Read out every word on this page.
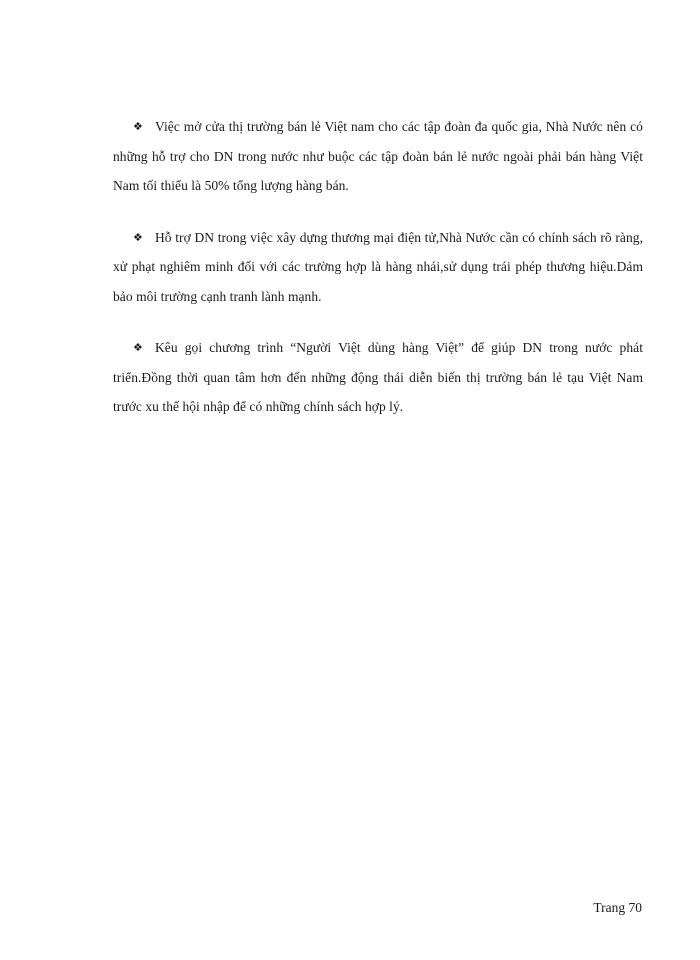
❖ Việc mở cửa thị trường bán lẻ Việt nam cho các tập đoàn đa quốc gia, Nhà Nước nên có những hỗ trợ cho DN trong nước như buộc các tập đoàn bán lẻ nước ngoài phải bán hàng Việt Nam tối thiểu là 50% tổng lượng hàng bán.

❖ Hỗ trợ DN trong việc xây dựng thương mại điện tử,Nhà Nước cần có chính sách rõ ràng, xử phạt nghiêm minh đối với các trường hợp là hàng nhái,sử dụng trái phép thương hiệu.Dảm bảo môi trường cạnh tranh lành mạnh.

❖ Kêu gọi chương trình “Người Việt dùng hàng Việt” để giúp DN trong nước phát triển.Đồng thời quan tâm hơn đến những động thái diễn biến thị trường bán lẻ tạu Việt Nam trước xu thế hội nhập để có những chính sách hợp lý.

Trang 70
